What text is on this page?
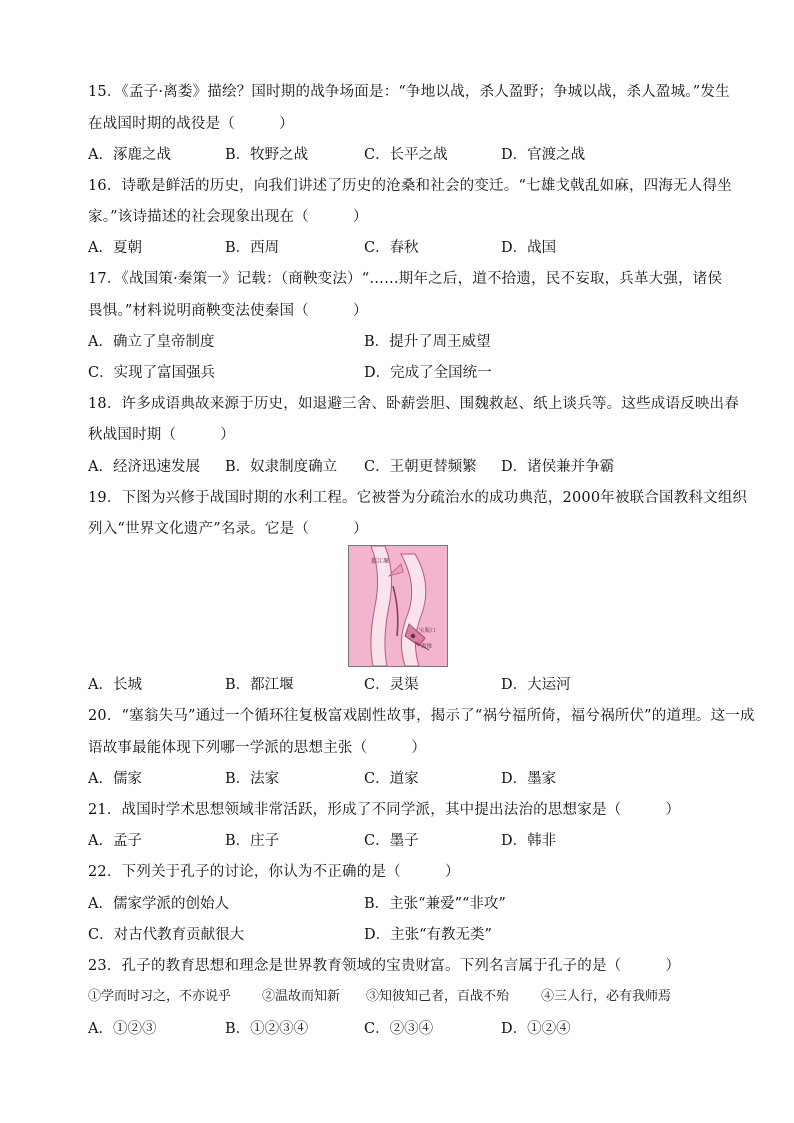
15．《孟子·离娄》描绘？国时期的战争场面是：“争地以战，杀人盈野；争城以战，杀人盈城。”发生
在战国时期的战役是（　　　）
A．涿鹿之战	B．牧野之战	C．长平之战	D．官渡之战
16．诗歌是鲜活的历史，向我们讲述了历史的沧桑和社会的变迁。“七雄戈戟乱如麻，四海无人得坐
家。”该诗描述的社会现象出现在（　　　）
A．夏朝	B．西周	C．春秋	D．战国
17．《战国策·秦策一》记载：（商鞅变法）“……期年之后，道不拾遗，民不妄取，兵革大强，诸侯
畏惧。”材料说明商鞅变法使秦国（　　　）
A．确立了皇帝制度	B．提升了周王威望
C．实现了富国强兵	D．完成了全国统一
18．许多成语典故来源于历史，如退避三舍、卧薪尝胆、围魏救赵、纸上谈兵等。这些成语反映出春
秋战国时期（　　　）
A．经济迅速发展 B．奴隶制度确立 C．王朝更替频繁 D．诸侯兼并争霸
19．下图为兴修于战国时期的水利工程。它被誉为分疏治水的成功典范，2000年被联合国教科文组织
列入“世界文化遗产”名录。它是（　　　）
都江堰
宝瓶口
离堆
A．长城	B．都江堰	C．灵渠	D．大运河
20．“塞翁失马”通过一个循环往复极富戏剧性故事，揭示了“祸兮福所倚，福兮祸所伏”的道理。这一成
语故事最能体现下列哪一学派的思想主张（　　　）
A．儒家	B．法家	C．道家	D．墨家
21．战国时学术思想领域非常活跃，形成了不同学派，其中提出法治的思想家是（　　　）
A．孟子	B．庄子	C．墨子	D．韩非
22．下列关于孔子的讨论，你认为不正确的是（　　　）
A．儒家学派的创始人	B．主张“兼爱”“非攻”
C．对古代教育贡献很大	D．主张“有教无类”
23．孔子的教育思想和理念是世界教育领域的宝贵财富。下列名言属于孔子的是（　　　）
①学而时习之，不亦说乎 ②温故而知新 ③知彼知己者，百战不殆 ④三人行，必有我师焉
A．①②③	B．①②③④	C．②③④	D．①②④
